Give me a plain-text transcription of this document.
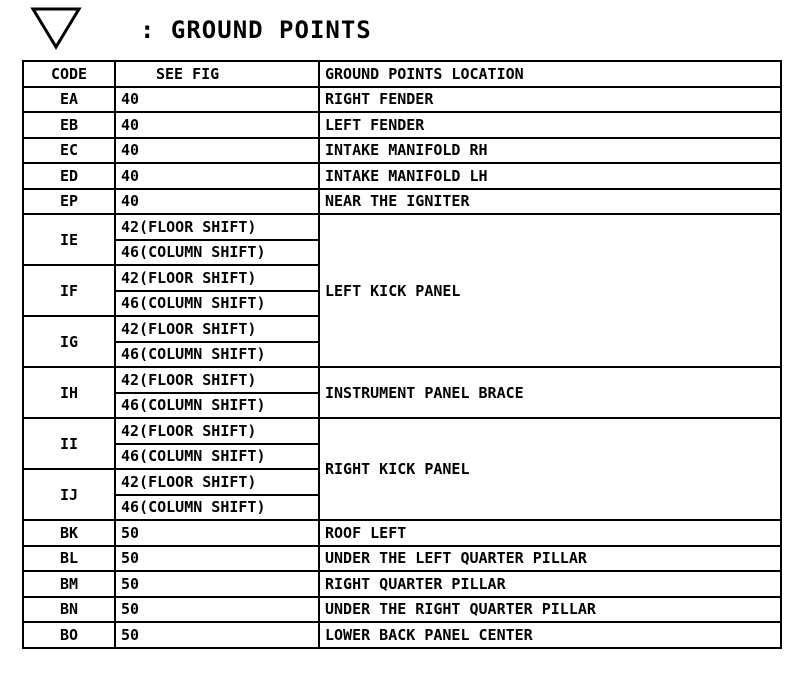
: GROUND POINTS
CODE	SEE FIG	GROUND POINTS LOCATION
EA	40	RIGHT FENDER
EB	40	LEFT FENDER
EC	40	INTAKE MANIFOLD RH
ED	40	INTAKE MANIFOLD LH
EP	40	NEAR THE IGNITER
IE	42(FLOOR SHIFT)	LEFT KICK PANEL
	46(COLUMN SHIFT)	
IF	42(FLOOR SHIFT)	
	46(COLUMN SHIFT)	
IG	42(FLOOR SHIFT)	
	46(COLUMN SHIFT)	
IH	42(FLOOR SHIFT)	INSTRUMENT PANEL BRACE
	46(COLUMN SHIFT)	
II	42(FLOOR SHIFT)	RIGHT KICK PANEL
	46(COLUMN SHIFT)	
IJ	42(FLOOR SHIFT)	
	46(COLUMN SHIFT)	
BK	50	ROOF LEFT
BL	50	UNDER THE LEFT QUARTER PILLAR
BM	50	RIGHT QUARTER PILLAR
BN	50	UNDER THE RIGHT QUARTER PILLAR
BO	50	LOWER BACK PANEL CENTER
